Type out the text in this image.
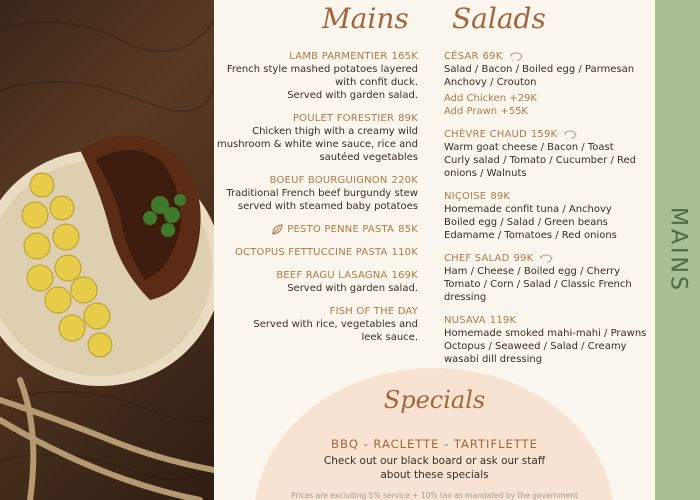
MAINS
Mains Salads
LAMB PARMENTIER 165K
French style mashed potatoes layered
with confit duck.
Served with garden salad.
POULET FORESTIER 89K
Chicken thigh with a creamy wild
mushroom & white wine sauce, rice and
sautéed vegetables
BOEUF BOURGUIGNON 220K
Traditional French beef burgundy stew
served with steamed baby potatoes
PESTO PENNE PASTA 85K
OCTOPUS FETTUCCINE PASTA 110K
BEEF RAGU LASAGNA 169K
Served with garden salad.
FISH OF THE DAY
Served with rice, vegetables and
leek sauce.
CÉSAR 69K
Salad / Bacon / Boiled egg / Parmesan
Anchovy / Crouton
Add Chicken +29K
Add Prawn +55K
CHÈVRE CHAUD 159K
Warm goat cheese / Bacon / Toast
Curly salad / Tomato / Cucumber / Red
onions / Walnuts
NIÇOISE 89K
Homemade confit tuna / Anchovy
Boiled egg / Salad / Green beans
Edamame / Tomatoes / Red onions
CHEF SALAD 99K
Ham / Cheese / Boiled egg / Cherry
Tomato / Corn / Salad / Classic French
dressing
NUSAVA 119K
Homemade smoked mahi-mahi / Prawns
Octopus / Seaweed / Salad / Creamy
wasabi dill dressing
Specials
BBQ - RACLETTE - TARTIFLETTE
Check out our black board or ask our staff
about these specials
Prices are excluding 5% service + 10% tax as mandated by the government
